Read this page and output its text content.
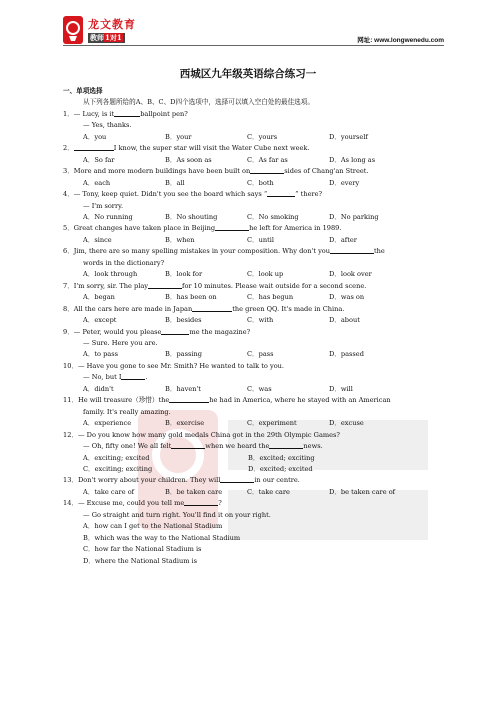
龙文教育
教师1对1	网址: www.longwenedu.com
西城区九年级英语综合练习一
一、单项选择
从下列各题所给的A、B、C、D四个选项中，选择可以填入空白处的最佳选项。
1．— Lucy, is it	ballpoint pen?
— Yes, thanks.
A．you	B．your	C．yours	D．yourself
2．	I know, the super star will visit the Water Cube next week.
A．So far	B．As soon as	C．As far as	D．As long as
3．More and more modern buildings have been built on	sides of Chang'an Street.
A．each	B．all	C．both	D．every
4．— Tony, keep quiet. Didn't you see the board which says “	” there?
— I'm sorry.
A．No running	B．No shouting	C．No smoking	D．No parking
5．Great changes have taken place in Beijing	he left for America in 1989.
A．since	B．when	C．until	D．after
6．Jim, there are so many spelling mistakes in your composition. Why don't you	the
words in the dictionary?
A．look through	B．look for	C．look up	D．look over
7．I'm sorry, sir. The play	for 10 minutes. Please wait outside for a second scene.
A．began	B．has been on	C．has begun	D．was on
8．All the cars here are made in Japan	the green QQ. It's made in China.
A．except	B．besides	C．with	D．about
9．— Peter, would you please	me the magazine?
— Sure. Here you are.
A．to pass	B．passing	C．pass	D．passed
10．— Have you gone to see Mr. Smith? He wanted to talk to you.
— No, but I	.
A．didn't	B．haven't	C．was	D．will
11．He will treasure（珍惜）the	he had in America, where he stayed with an American
family. It's really amazing.
A．experience	B．exercise	C．experiment	D．excuse
12．— Do you know how many gold medals China got in the 29th Olympic Games?
— Oh, fifty one! We all felt	when we heard the	news.
A．exciting; excited	B．excited; exciting
C．exciting; exciting	D．excited; excited
13．Don't worry about your children. They will	in our centre.
A．take care of	B．be taken care	C．take care	D．be taken care of
14．— Excuse me, could you tell me	?
— Go straight and turn right. You'll find it on your right.
A．how can I get to the National Stadium
B．which was the way to the National Stadium
C．how far the National Stadium is
D．where the National Stadium is
